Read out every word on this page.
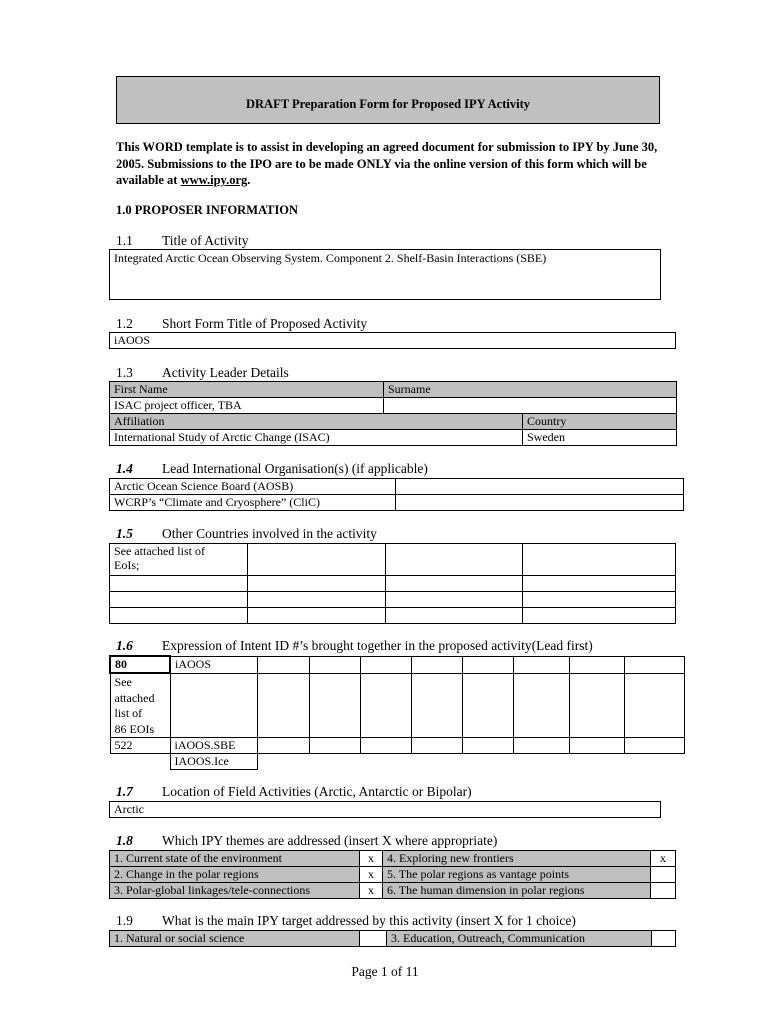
DRAFT Preparation Form for Proposed IPY Activity
This WORD template is to assist in developing an agreed document for submission to IPY by June 30, 2005. Submissions to the IPO are to be made ONLY via the online version of this form which will be available at www.ipy.org.
1.0 PROPOSER INFORMATION
1.1 Title of Activity
Integrated Arctic Ocean Observing System. Component 2. Shelf-Basin Interactions (SBE)
1.2 Short Form Title of Proposed Activity
iAOOS
1.3 Activity Leader Details
First Name	Surname	
ISAC project officer, TBA		
Affiliation		Country
International Study of Arctic Change (ISAC)		Sweden
1.4 Lead International Organisation(s) (if applicable)
Arctic Ocean Science Board (AOSB)	
WCRP’s “Climate and Cryosphere” (CliC)	
1.5 Other Countries involved in the activity
See attached list of
EoIs;			

1.6 Expression of Intent ID #’s brought together in the proposed activity(Lead first)
80	iAOOS								
See
attached
list of
86 EOIs									
522	iAOOS.SBE								
	IAOOS.Ice								
1.7 Location of Field Activities (Arctic, Antarctic or Bipolar)
Arctic
1.8 Which IPY themes are addressed (insert X where appropriate)
1. Current state of the environment	x	4. Exploring new frontiers	x
2. Change in the polar regions	x	5. The polar regions as vantage points	
3. Polar-global linkages/tele-connections	x	6. The human dimension in polar regions	
1.9 What is the main IPY target addressed by this activity (insert X for 1 choice)
1. Natural or social science		3. Education, Outreach, Communication	
Page 1 of 11
